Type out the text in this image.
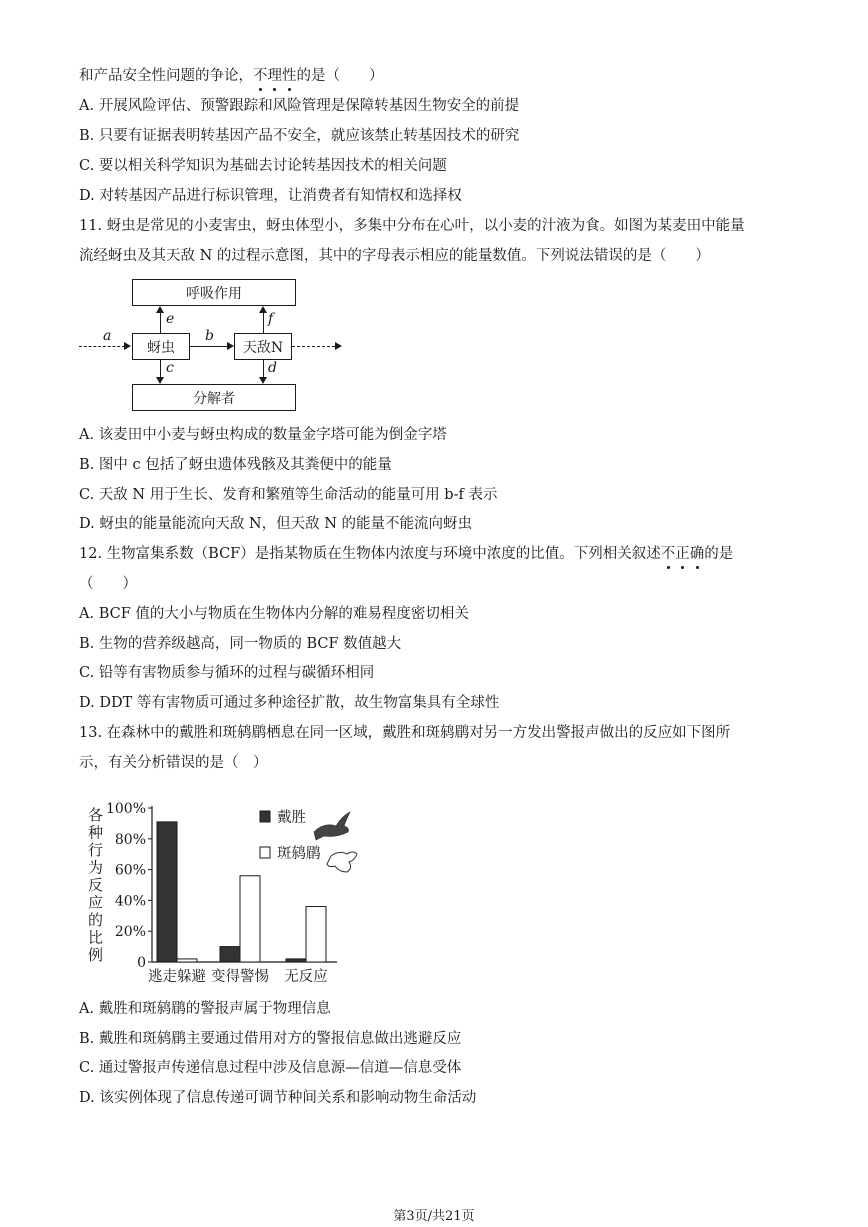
和产品安全性问题的争论，不理性的是（　　）
A. 开展风险评估、预警跟踪和风险管理是保障转基因生物安全的前提
B. 只要有证据表明转基因产品不安全，就应该禁止转基因技术的研究
C. 要以相关科学知识为基础去讨论转基因技术的相关问题
D. 对转基因产品进行标识管理，让消费者有知情权和选择权
11. 蚜虫是常见的小麦害虫，蚜虫体型小，多集中分布在心叶，以小麦的汁液为食。如图为某麦田中能量
流经蚜虫及其天敌 N 的过程示意图，其中的字母表示相应的能量数值。下列说法错误的是（　　）
呼吸作用
蚜虫	天敌N
分解者
a	b
e	f
c	d
A. 该麦田中小麦与蚜虫构成的数量金字塔可能为倒金字塔
B. 图中 c 包括了蚜虫遗体残骸及其粪便中的能量
C. 天敌 N 用于生长、发育和繁殖等生命活动的能量可用 b-f 表示
D. 蚜虫的能量能流向天敌 N，但天敌 N 的能量不能流向蚜虫
12. 生物富集系数（BCF）是指某物质在生物体内浓度与环境中浓度的比值。下列相关叙述不正确的是
（　　）
A. BCF 值的大小与物质在生物体内分解的难易程度密切相关
B. 生物的营养级越高，同一物质的 BCF 数值越大
C. 铅等有害物质参与循环的过程与碳循环相同
D. DDT 等有害物质可通过多种途径扩散，故生物富集具有全球性
13. 在森林中的戴胜和斑鸫鹛栖息在同一区域，戴胜和斑鸫鹛对另一方发出警报声做出的反应如下图所
示，有关分析错误的是（　）
各
种
行
为
反
应
的
比
例 0
20%
40%
60%
80%
100%
逃走躲避 变得警惕 无反应
戴胜
斑鸫鹛
A. 戴胜和斑鸫鹛的警报声属于物理信息
B. 戴胜和斑鸫鹛主要通过借用对方的警报信息做出逃避反应
C. 通过警报声传递信息过程中涉及信息源—信道—信息受体
D. 该实例体现了信息传递可调节种间关系和影响动物生命活动
第3页/共21页
